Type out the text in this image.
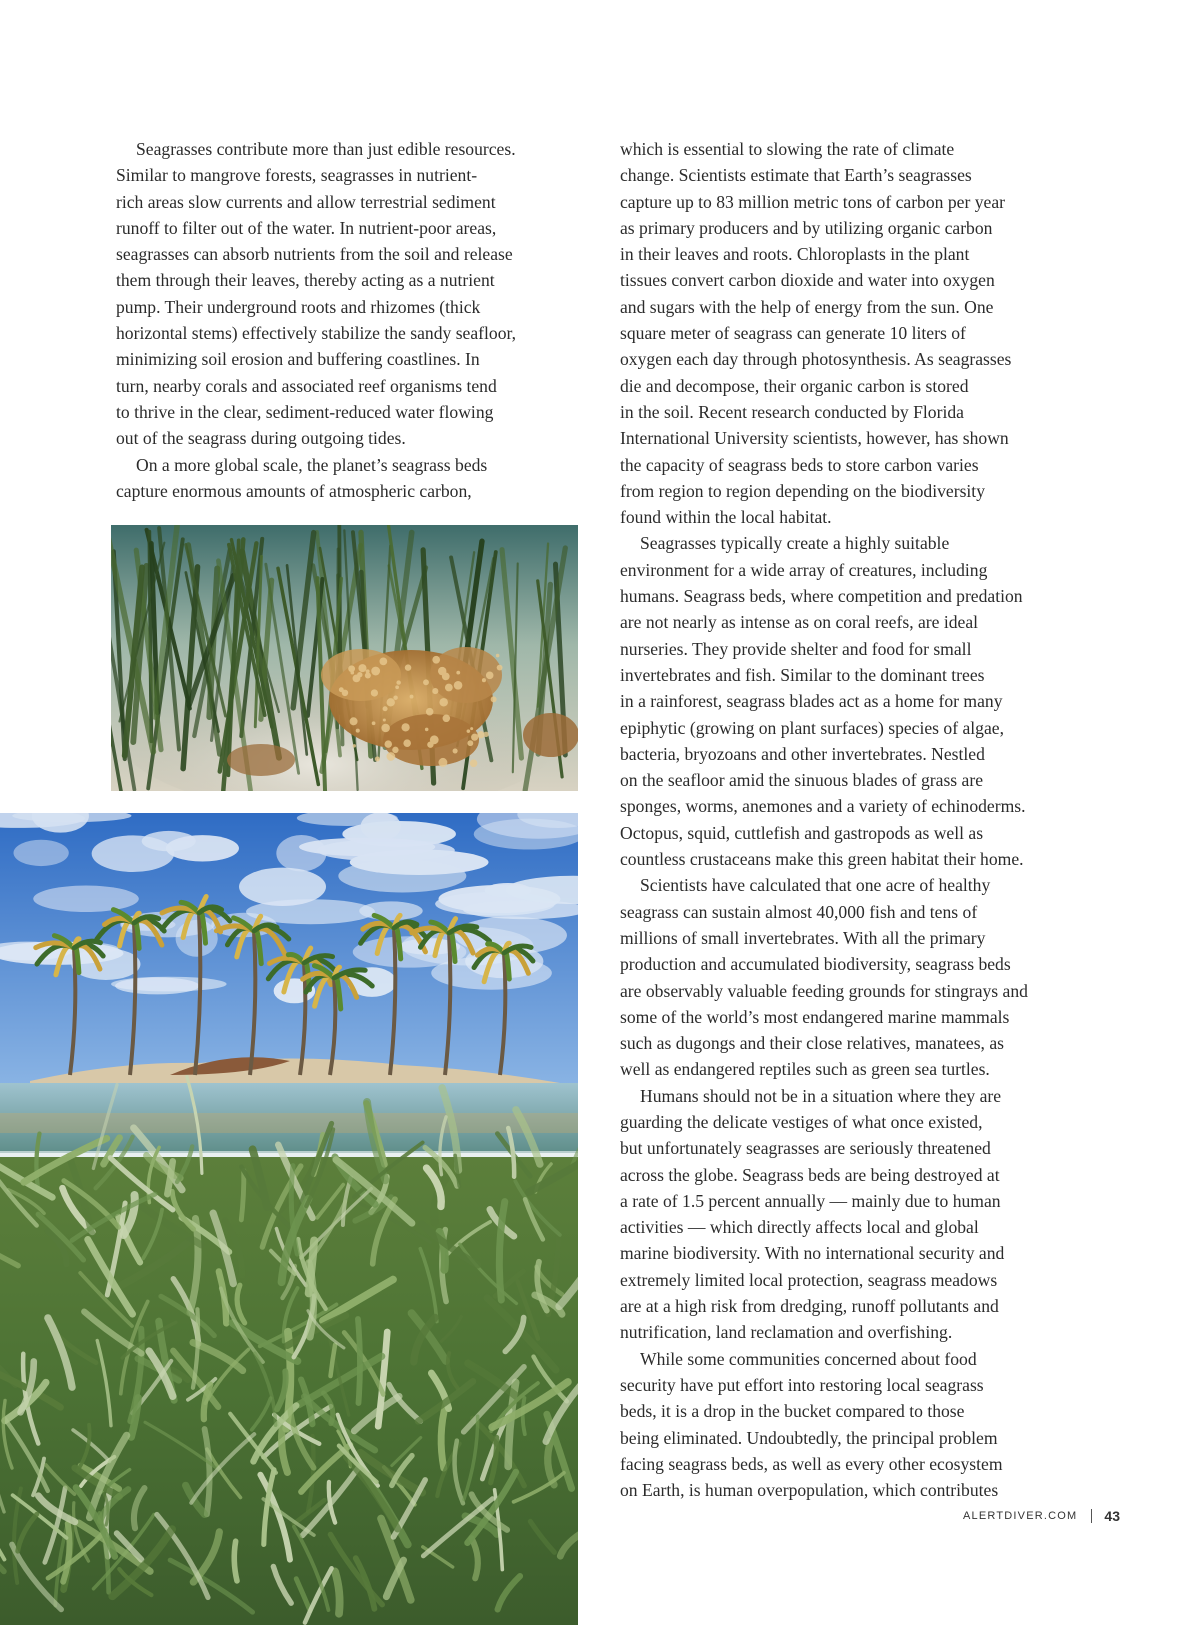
Seagrasses contribute more than just edible resources.
Similar to mangrove forests, seagrasses in nutrient-
rich areas slow currents and allow terrestrial sediment
runoff to filter out of the water. In nutrient-poor areas,
seagrasses can absorb nutrients from the soil and release
them through their leaves, thereby acting as a nutrient
pump. Their underground roots and rhizomes (thick
horizontal stems) effectively stabilize the sandy seafloor,
minimizing soil erosion and buffering coastlines. In
turn, nearby corals and associated reef organisms tend
to thrive in the clear, sediment-reduced water flowing
out of the seagrass during outgoing tides.

On a more global scale, the planet’s seagrass beds
capture enormous amounts of atmospheric carbon,

which is essential to slowing the rate of climate
change. Scientists estimate that Earth’s seagrasses
capture up to 83 million metric tons of carbon per year
as primary producers and by utilizing organic carbon
in their leaves and roots. Chloroplasts in the plant
tissues convert carbon dioxide and water into oxygen
and sugars with the help of energy from the sun. One
square meter of seagrass can generate 10 liters of
oxygen each day through photosynthesis. As seagrasses
die and decompose, their organic carbon is stored
in the soil. Recent research conducted by Florida
International University scientists, however, has shown
the capacity of seagrass beds to store carbon varies
from region to region depending on the biodiversity
found within the local habitat.

Seagrasses typically create a highly suitable
environment for a wide array of creatures, including
humans. Seagrass beds, where competition and predation
are not nearly as intense as on coral reefs, are ideal
nurseries. They provide shelter and food for small
invertebrates and fish. Similar to the dominant trees
in a rainforest, seagrass blades act as a home for many
epiphytic (growing on plant surfaces) species of algae,
bacteria, bryozoans and other invertebrates. Nestled
on the seafloor amid the sinuous blades of grass are
sponges, worms, anemones and a variety of echinoderms.
Octopus, squid, cuttlefish and gastropods as well as
countless crustaceans make this green habitat their home.

Scientists have calculated that one acre of healthy
seagrass can sustain almost 40,000 fish and tens of
millions of small invertebrates. With all the primary
production and accumulated biodiversity, seagrass beds
are observably valuable feeding grounds for stingrays and
some of the world’s most endangered marine mammals
such as dugongs and their close relatives, manatees, as
well as endangered reptiles such as green sea turtles.

Humans should not be in a situation where they are
guarding the delicate vestiges of what once existed,
but unfortunately seagrasses are seriously threatened
across the globe. Seagrass beds are being destroyed at
a rate of 1.5 percent annually — mainly due to human
activities — which directly affects local and global
marine biodiversity. With no international security and
extremely limited local protection, seagrass meadows
are at a high risk from dredging, runoff pollutants and
nutrification, land reclamation and overfishing.

While some communities concerned about food
security have put effort into restoring local seagrass
beds, it is a drop in the bucket compared to those
being eliminated. Undoubtedly, the principal problem
facing seagrass beds, as well as every other ecosystem
on Earth, is human overpopulation, which contributes

ALERTDIVER.COM 43
